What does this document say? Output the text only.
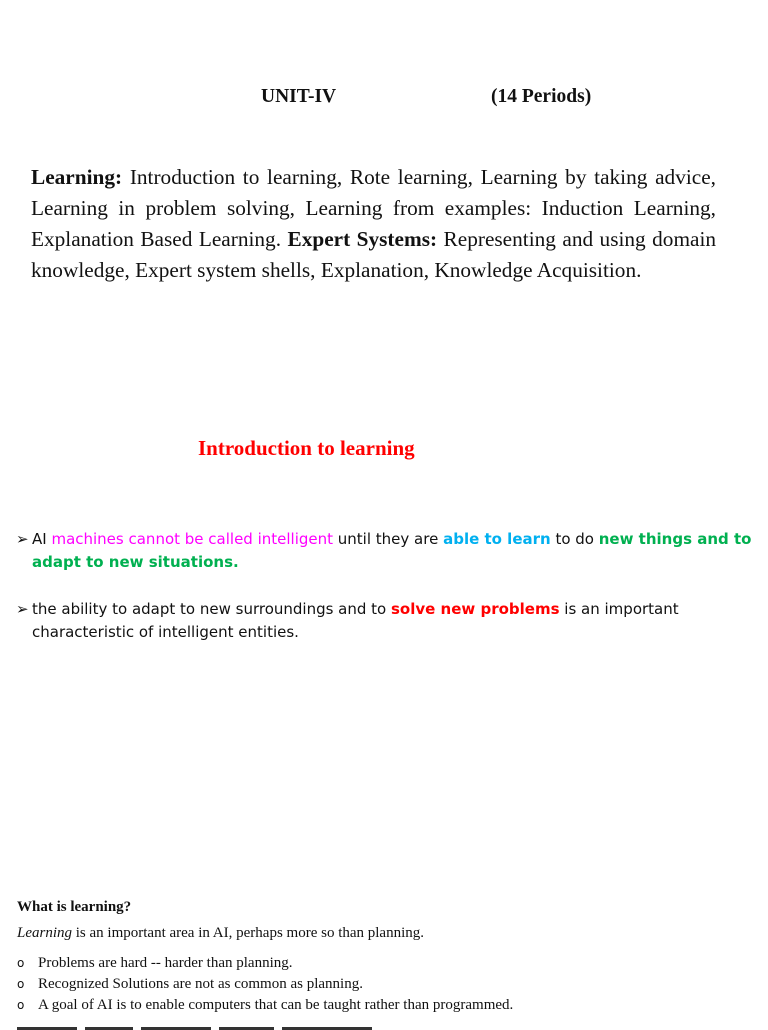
UNIT-IV	(14 Periods)

Learning: Introduction to learning, Rote learning, Learning by taking advice, Learning in problem solving, Learning from examples: Induction Learning, Explanation Based Learning. Expert Systems: Representing and using domain knowledge, Expert system shells, Explanation, Knowledge Acquisition.

Introduction to learning
➢ AI machines cannot be called intelligent until they are able to learn to do new things and to adapt to new situations.
➢ the ability to adapt to new surroundings and to solve new problems is an important characteristic of intelligent entities.
What is learning?
Learning is an important area in AI, perhaps more so than planning.
o Problems are hard -- harder than planning.
o Recognized Solutions are not as common as planning.
o A goal of AI is to enable computers that can be taught rather than programmed.
